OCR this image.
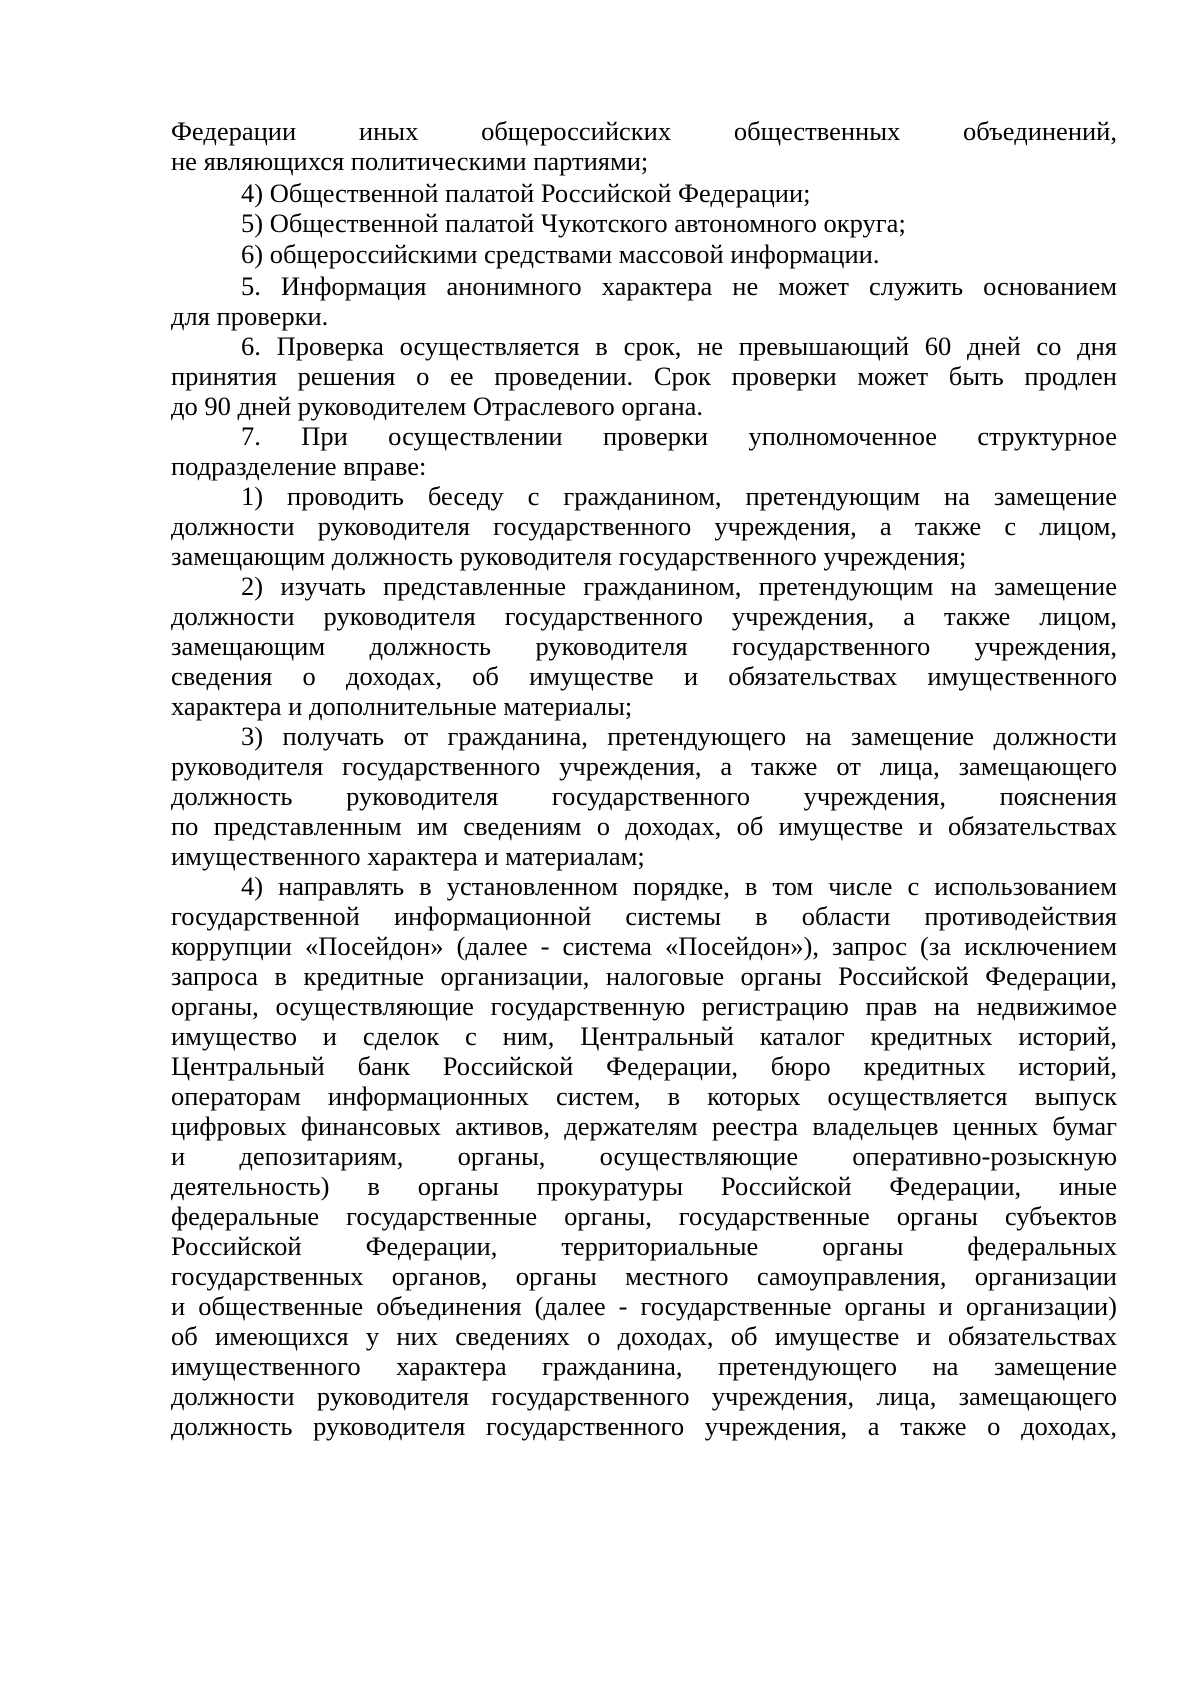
Федерации иных общероссийских общественных объединений,
не являющихся политическими партиями;
4) Общественной палатой Российской Федерации;
5) Общественной палатой Чукотского автономного округа;
6) общероссийскими средствами массовой информации.
5. Информация анонимного характера не может служить основанием
для проверки.
6. Проверка осуществляется в срок, не превышающий 60 дней со дня
принятия решения о ее проведении. Срок проверки может быть продлен
до 90 дней руководителем Отраслевого органа.
7. При осуществлении проверки уполномоченное структурное
подразделение вправе:
1) проводить беседу с гражданином, претендующим на замещение
должности руководителя государственного учреждения, а также с лицом,
замещающим должность руководителя государственного учреждения;
2) изучать представленные гражданином, претендующим на замещение
должности руководителя государственного учреждения, а также лицом,
замещающим должность руководителя государственного учреждения,
сведения о доходах, об имуществе и обязательствах имущественного
характера и дополнительные материалы;
3) получать от гражданина, претендующего на замещение должности
руководителя государственного учреждения, а также от лица, замещающего
должность руководителя государственного учреждения, пояснения
по представленным им сведениям о доходах, об имуществе и обязательствах
имущественного характера и материалам;
4) направлять в установленном порядке, в том числе с использованием
государственной информационной системы в области противодействия
коррупции «Посейдон» (далее - система «Посейдон»), запрос (за исключением
запроса в кредитные организации, налоговые органы Российской Федерации,
органы, осуществляющие государственную регистрацию прав на недвижимое
имущество и сделок с ним, Центральный каталог кредитных историй,
Центральный банк Российской Федерации, бюро кредитных историй,
операторам информационных систем, в которых осуществляется выпуск
цифровых финансовых активов, держателям реестра владельцев ценных бумаг
и депозитариям, органы, осуществляющие оперативно-розыскную
деятельность) в органы прокуратуры Российской Федерации, иные
федеральные государственные органы, государственные органы субъектов
Российской Федерации, территориальные органы федеральных
государственных органов, органы местного самоуправления, организации
и общественные объединения (далее - государственные органы и организации)
об имеющихся у них сведениях о доходах, об имуществе и обязательствах
имущественного характера гражданина, претендующего на замещение
должности руководителя государственного учреждения, лица, замещающего
должность руководителя государственного учреждения, а также о доходах,
